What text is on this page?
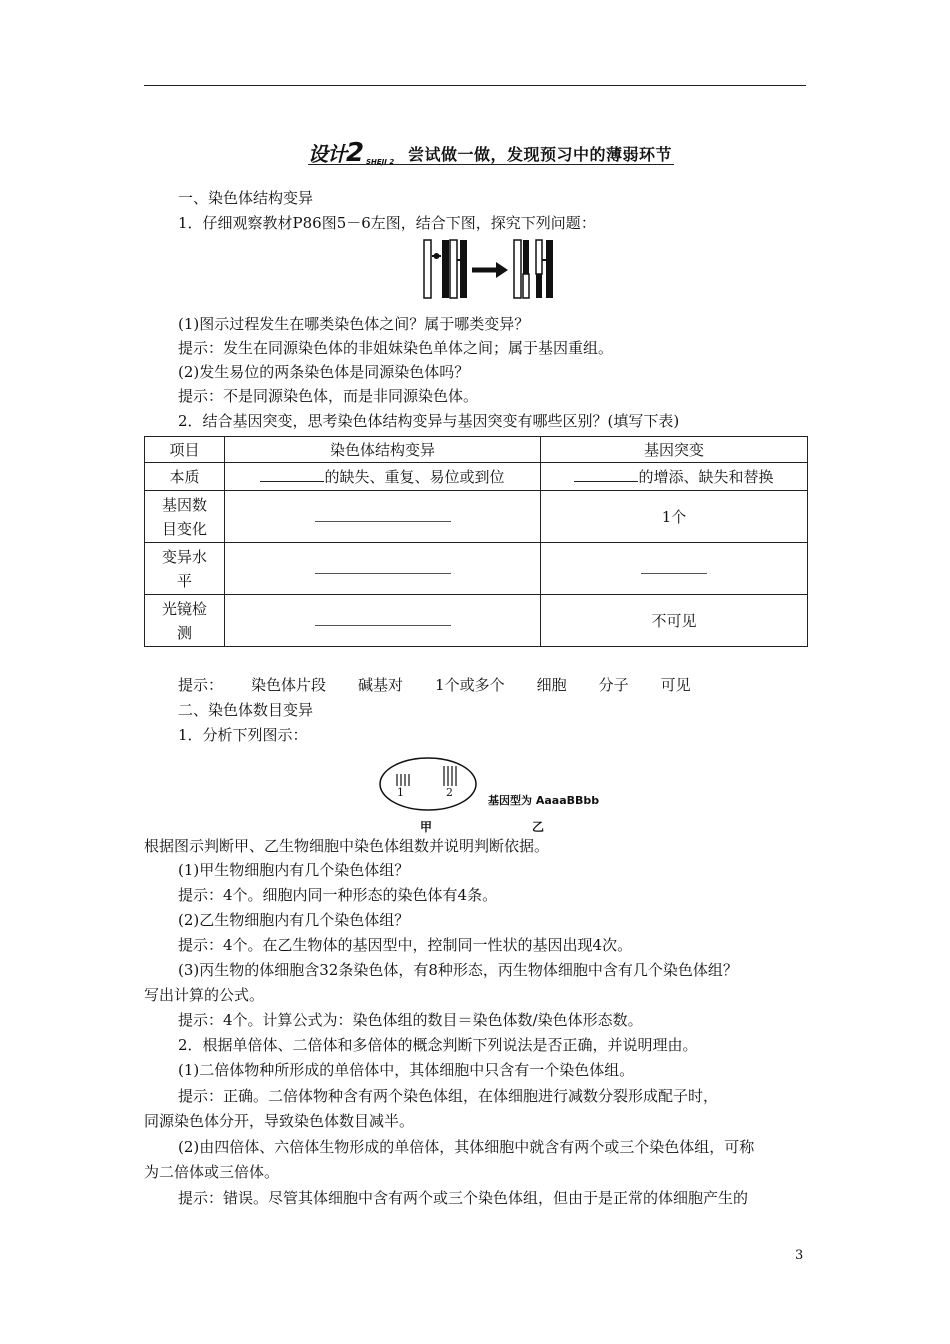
设计2 SHEJI 2 尝试做一做，发现预习中的薄弱环节
一、染色体结构变异
1．仔细观察教材P86图5－6左图，结合下图，探究下列问题：
(1)图示过程发生在哪类染色体之间？属于哪类变异？
提示：发生在同源染色体的非姐妹染色单体之间；属于基因重组。
(2)发生易位的两条染色体是同源染色体吗？
提示：不是同源染色体，而是非同源染色体。
2．结合基因突变，思考染色体结构变异与基因突变有哪些区别？(填写下表)
项目	染色体结构变异	基因突变
本质	的缺失、重复、易位或到位	的增添、缺失和替换
基因数目变化		1个
变异水平		
光镜检测		不可见
提示： 染色体片段 碱基对 1个或多个 细胞 分子 可见
二、染色体数目变异
1．分析下列图示：
1	2
基因型为 AaaaBBbb
甲	乙
根据图示判断甲、乙生物细胞中染色体组数并说明判断依据。
(1)甲生物细胞内有几个染色体组？
提示：4个。细胞内同一种形态的染色体有4条。
(2)乙生物细胞内有几个染色体组？
提示：4个。在乙生物体的基因型中，控制同一性状的基因出现4次。
(3)丙生物的体细胞含32条染色体，有8种形态，丙生物体细胞中含有几个染色体组？
写出计算的公式。
提示：4个。计算公式为：染色体组的数目＝染色体数/染色体形态数。
2．根据单倍体、二倍体和多倍体的概念判断下列说法是否正确，并说明理由。
(1)二倍体物种所形成的单倍体中，其体细胞中只含有一个染色体组。
提示：正确。二倍体物种含有两个染色体组，在体细胞进行减数分裂形成配子时，
同源染色体分开，导致染色体数目减半。
(2)由四倍体、六倍体生物形成的单倍体，其体细胞中就含有两个或三个染色体组，可称
为二倍体或三倍体。
提示：错误。尽管其体细胞中含有两个或三个染色体组，但由于是正常的体细胞产生的
3
